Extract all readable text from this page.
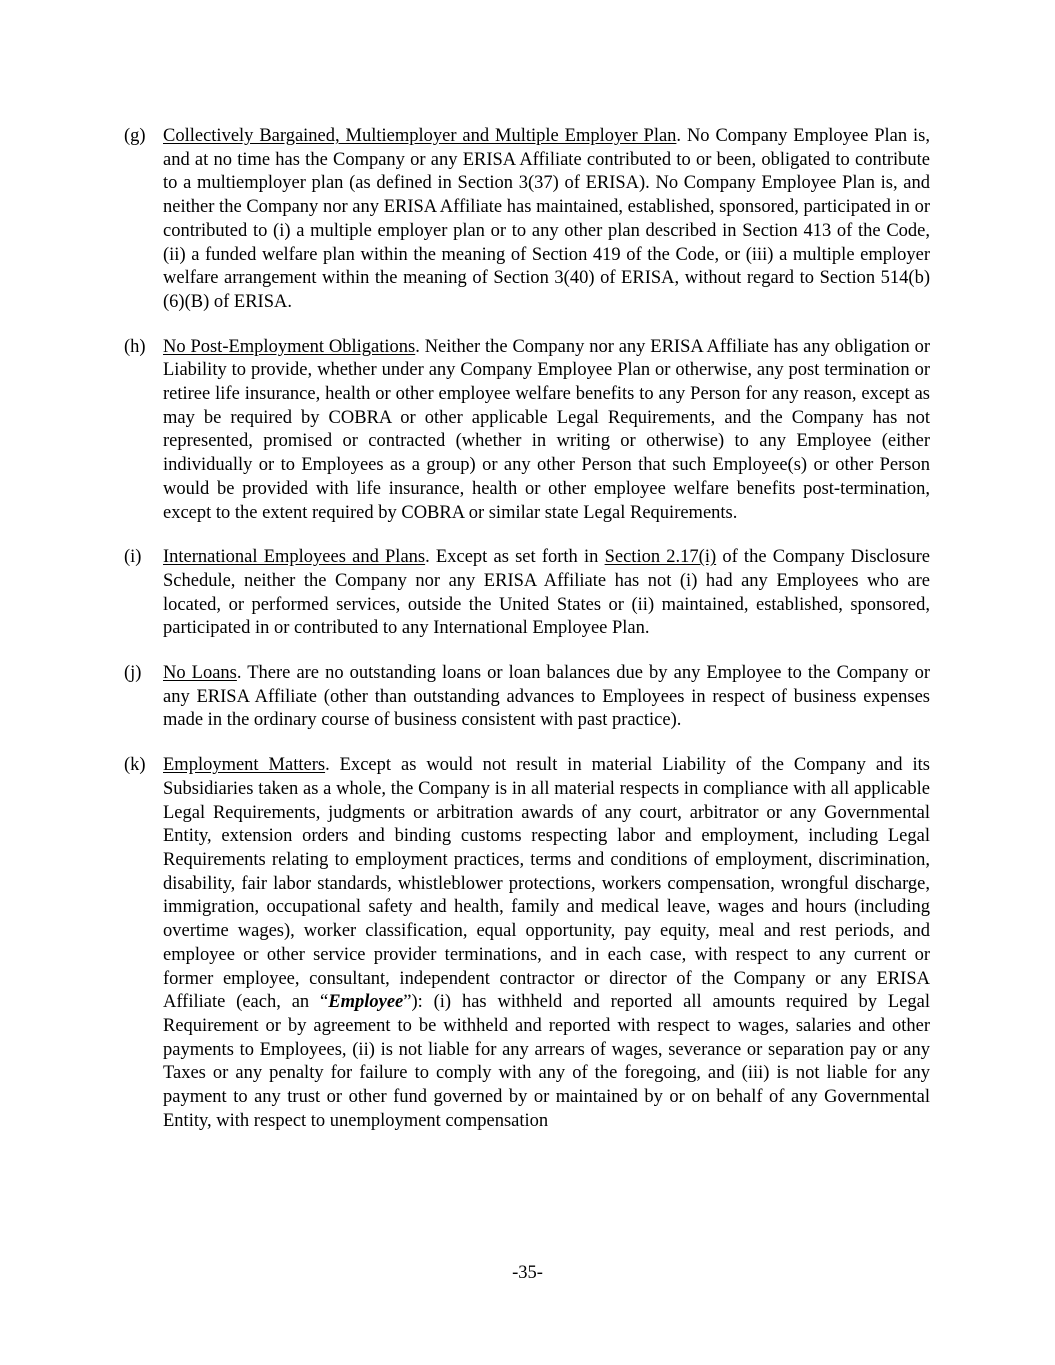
(g) Collectively Bargained, Multiemployer and Multiple Employer Plan. No Company Employee Plan is, and at no time has the Company or any ERISA Affiliate contributed to or been, obligated to contribute to a multiemployer plan (as defined in Section 3(37) of ERISA). No Company Employee Plan is, and neither the Company nor any ERISA Affiliate has maintained, established, sponsored, participated in or contributed to (i) a multiple employer plan or to any other plan described in Section 413 of the Code, (ii) a funded welfare plan within the meaning of Section 419 of the Code, or (iii) a multiple employer welfare arrangement within the meaning of Section 3(40) of ERISA, without regard to Section 514(b)(6)(B) of ERISA.
(h) No Post-Employment Obligations. Neither the Company nor any ERISA Affiliate has any obligation or Liability to provide, whether under any Company Employee Plan or otherwise, any post termination or retiree life insurance, health or other employee welfare benefits to any Person for any reason, except as may be required by COBRA or other applicable Legal Requirements, and the Company has not represented, promised or contracted (whether in writing or otherwise) to any Employee (either individually or to Employees as a group) or any other Person that such Employee(s) or other Person would be provided with life insurance, health or other employee welfare benefits post-termination, except to the extent required by COBRA or similar state Legal Requirements.
(i) International Employees and Plans. Except as set forth in Section 2.17(i) of the Company Disclosure Schedule, neither the Company nor any ERISA Affiliate has not (i) had any Employees who are located, or performed services, outside the United States or (ii) maintained, established, sponsored, participated in or contributed to any International Employee Plan.
(j) No Loans. There are no outstanding loans or loan balances due by any Employee to the Company or any ERISA Affiliate (other than outstanding advances to Employees in respect of business expenses made in the ordinary course of business consistent with past practice).
(k) Employment Matters. Except as would not result in material Liability of the Company and its Subsidiaries taken as a whole, the Company is in all material respects in compliance with all applicable Legal Requirements, judgments or arbitration awards of any court, arbitrator or any Governmental Entity, extension orders and binding customs respecting labor and employment, including Legal Requirements relating to employment practices, terms and conditions of employment, discrimination, disability, fair labor standards, whistleblower protections, workers compensation, wrongful discharge, immigration, occupational safety and health, family and medical leave, wages and hours (including overtime wages), worker classification, equal opportunity, pay equity, meal and rest periods, and employee or other service provider terminations, and in each case, with respect to any current or former employee, consultant, independent contractor or director of the Company or any ERISA Affiliate (each, an “Employee”): (i) has withheld and reported all amounts required by Legal Requirement or by agreement to be withheld and reported with respect to wages, salaries and other payments to Employees, (ii) is not liable for any arrears of wages, severance or separation pay or any Taxes or any penalty for failure to comply with any of the foregoing, and (iii) is not liable for any payment to any trust or other fund governed by or maintained by or on behalf of any Governmental Entity, with respect to unemployment compensation
-35-
